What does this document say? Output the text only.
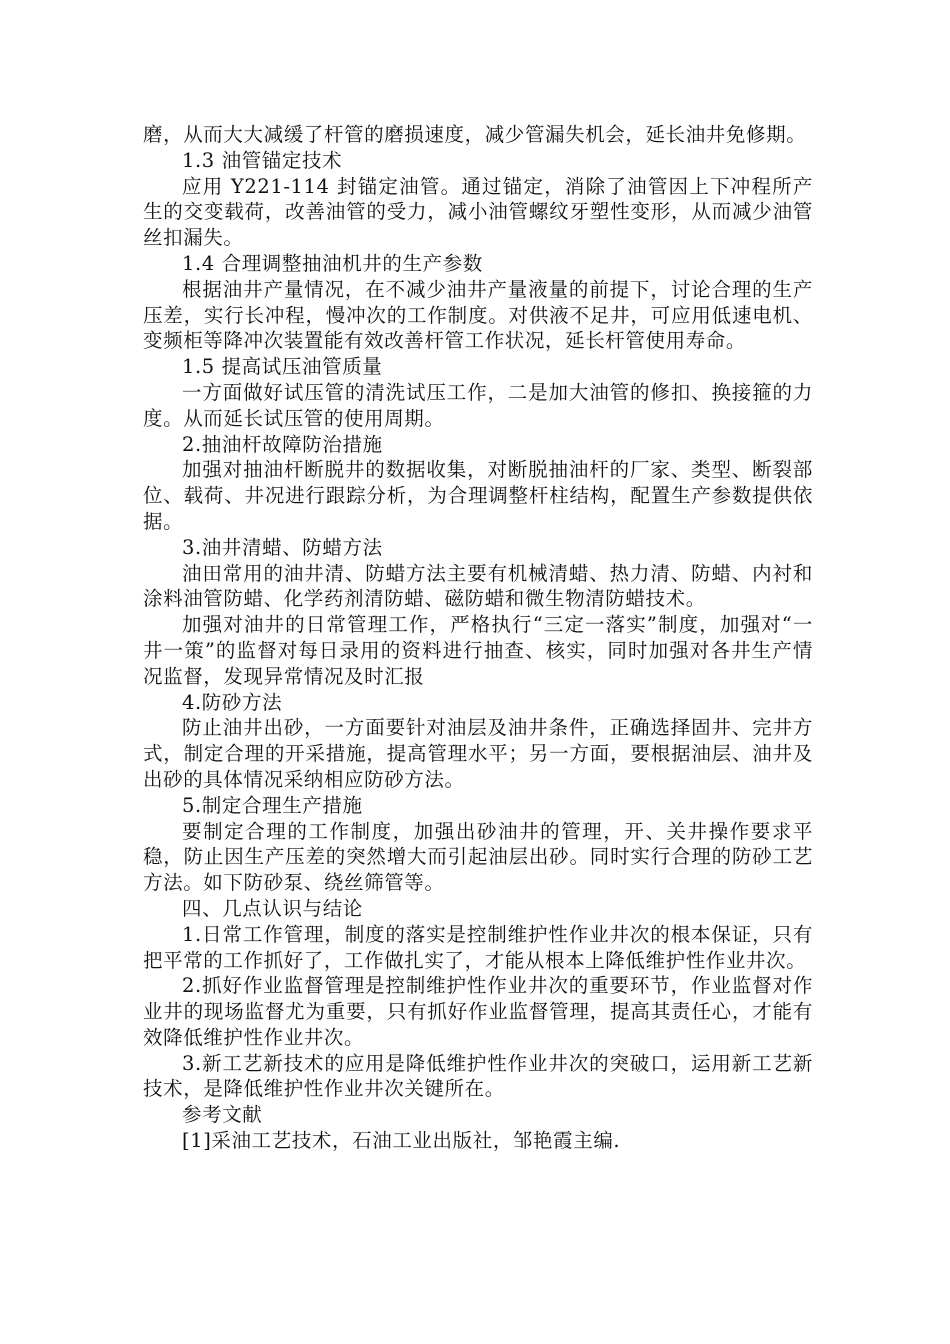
磨，从而大大减缓了杆管的磨损速度，减少管漏失机会，延长油井免修期。

1.3 油管锚定技术

应用 Y221-114 封锚定油管。通过锚定，消除了油管因上下冲程所产生的交变载荷，改善油管的受力，减小油管螺纹牙塑性变形，从而减少油管丝扣漏失。

1.4 合理调整抽油机井的生产参数

根据油井产量情况，在不减少油井产量液量的前提下，讨论合理的生产压差，实行长冲程，慢冲次的工作制度。对供液不足井，可应用低速电机、变频柜等降冲次装置能有效改善杆管工作状况，延长杆管使用寿命。

1.5 提高试压油管质量

一方面做好试压管的清洗试压工作，二是加大油管的修扣、换接箍的力度。从而延长试压管的使用周期。

2.抽油杆故障防治措施

加强对抽油杆断脱井的数据收集，对断脱抽油杆的厂家、类型、断裂部位、载荷、井况进行跟踪分析，为合理调整杆柱结构，配置生产参数提供依据。

3.油井清蜡、防蜡方法

油田常用的油井清、防蜡方法主要有机械清蜡、热力清、防蜡、内衬和涂料油管防蜡、化学药剂清防蜡、磁防蜡和微生物清防蜡技术。

加强对油井的日常管理工作，严格执行“三定一落实”制度，加强对“一井一策”的监督对每日录用的资料进行抽查、核实，同时加强对各井生产情况监督，发现异常情况及时汇报

4.防砂方法

防止油井出砂，一方面要针对油层及油井条件，正确选择固井、完井方式，制定合理的开采措施，提高管理水平；另一方面，要根据油层、油井及出砂的具体情况采纳相应防砂方法。

5.制定合理生产措施

要制定合理的工作制度，加强出砂油井的管理，开、关井操作要求平稳，防止因生产压差的突然增大而引起油层出砂。同时实行合理的防砂工艺方法。如下防砂泵、绕丝筛管等。

四、几点认识与结论

1.日常工作管理，制度的落实是控制维护性作业井次的根本保证，只有把平常的工作抓好了，工作做扎实了，才能从根本上降低维护性作业井次。

2.抓好作业监督管理是控制维护性作业井次的重要环节，作业监督对作业井的现场监督尤为重要，只有抓好作业监督管理，提高其责任心，才能有效降低维护性作业井次。

3.新工艺新技术的应用是降低维护性作业井次的突破口，运用新工艺新技术，是降低维护性作业井次关键所在。

参考文献

[1]采油工艺技术，石油工业出版社，邹艳霞主编.
